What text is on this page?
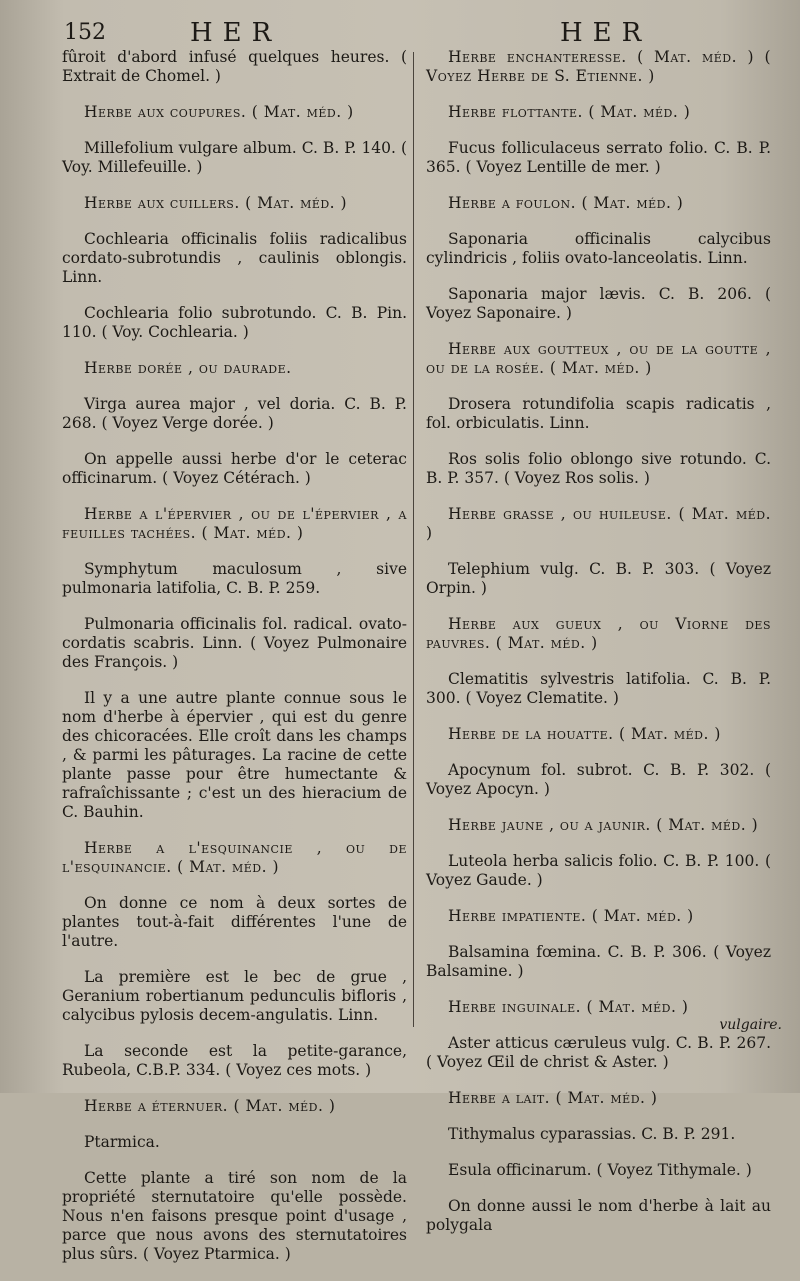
152	HER	HER

fûroit d'abord infusé quelques heures. ( Extrait de Chomel. )

Herbe aux coupures. ( Mat. méd. )

Millefolium vulgare album. C. B. P. 140. ( Voy. Millefeuille. )

Herbe aux cuillers. ( Mat. méd. )

Cochlearia officinalis foliis radicalibus cordato-subrotundis , caulinis oblongis. Linn.

Cochlearia folio subrotundo. C. B. Pin. 110. ( Voy. Cochlearia. )

Herbe dorée , ou daurade.

Virga aurea major , vel doria. C. B. P. 268. ( Voyez Verge dorée. )

On appelle aussi herbe d'or le ceterac officinarum. ( Voyez Cétérach. )

Herbe a l'épervier , ou de l'épervier , a feuilles tachées. ( Mat. méd. )

Symphytum maculosum , sive pulmonaria latifolia, C. B. P. 259.

Pulmonaria officinalis fol. radical. ovato-cordatis scabris. Linn. ( Voyez Pulmonaire des François. )

Il y a une autre plante connue sous le nom d'herbe à épervier , qui est du genre des chicoracées. Elle croît dans les champs , & parmi les pâturages. La racine de cette plante passe pour être humectante & rafraîchissante ; c'est un des hieracium de C. Bauhin.

Herbe a l'esquinancie , ou de l'esquinancie. ( Mat. méd. )

On donne ce nom à deux sortes de plantes tout-à-fait différentes l'une de l'autre.

La première est le bec de grue , Geranium robertianum pedunculis bifloris , calycibus pylosis decem-angulatis. Linn.

La seconde est la petite-garance, Rubeola, C.B.P. 334. ( Voyez ces mots. )

Herbe a éternuer. ( Mat. méd. )

Ptarmica.

Cette plante a tiré son nom de la propriété sternutatoire qu'elle possède. Nous n'en faisons presque point d'usage , parce que nous avons des sternutatoires plus sûrs. ( Voyez Ptarmica. )

Herbe enchanteresse. ( Mat. méd. ) ( Voyez Herbe de S. Etienne. )

Herbe flottante. ( Mat. méd. )

Fucus folliculaceus serrato folio. C. B. P. 365. ( Voyez Lentille de mer. )

Herbe a foulon. ( Mat. méd. )

Saponaria officinalis calycibus cylindricis , foliis ovato-lanceolatis. Linn.

Saponaria major lævis. C. B. 206. ( Voyez Saponaire. )

Herbe aux goutteux , ou de la goutte , ou de la rosée. ( Mat. méd. )

Drosera rotundifolia scapis radicatis , fol. orbiculatis. Linn.

Ros solis folio oblongo sive rotundo. C. B. P. 357. ( Voyez Ros solis. )

Herbe grasse , ou huileuse. ( Mat. méd. )

Telephium vulg. C. B. P. 303. ( Voyez Orpin. )

Herbe aux gueux , ou Viorne des pauvres. ( Mat. méd. )

Clematitis sylvestris latifolia. C. B. P. 300. ( Voyez Clematite. )

Herbe de la houatte. ( Mat. méd. )

Apocynum fol. subrot. C. B. P. 302. ( Voyez Apocyn. )

Herbe jaune , ou a jaunir. ( Mat. méd. )

Luteola herba salicis folio. C. B. P. 100. ( Voyez Gaude. )

Herbe impatiente. ( Mat. méd. )

Balsamina fœmina. C. B. P. 306. ( Voyez Balsamine. )

Herbe inguinale. ( Mat. méd. )

Aster atticus cæruleus vulg. C. B. P. 267. ( Voyez Œil de christ & Aster. )

Herbe a lait. ( Mat. méd. )

Tithymalus cyparassias. C. B. P. 291.

Esula officinarum. ( Voyez Tithymale. )

On donne aussi le nom d'herbe à lait au polygala

vulgaire.
